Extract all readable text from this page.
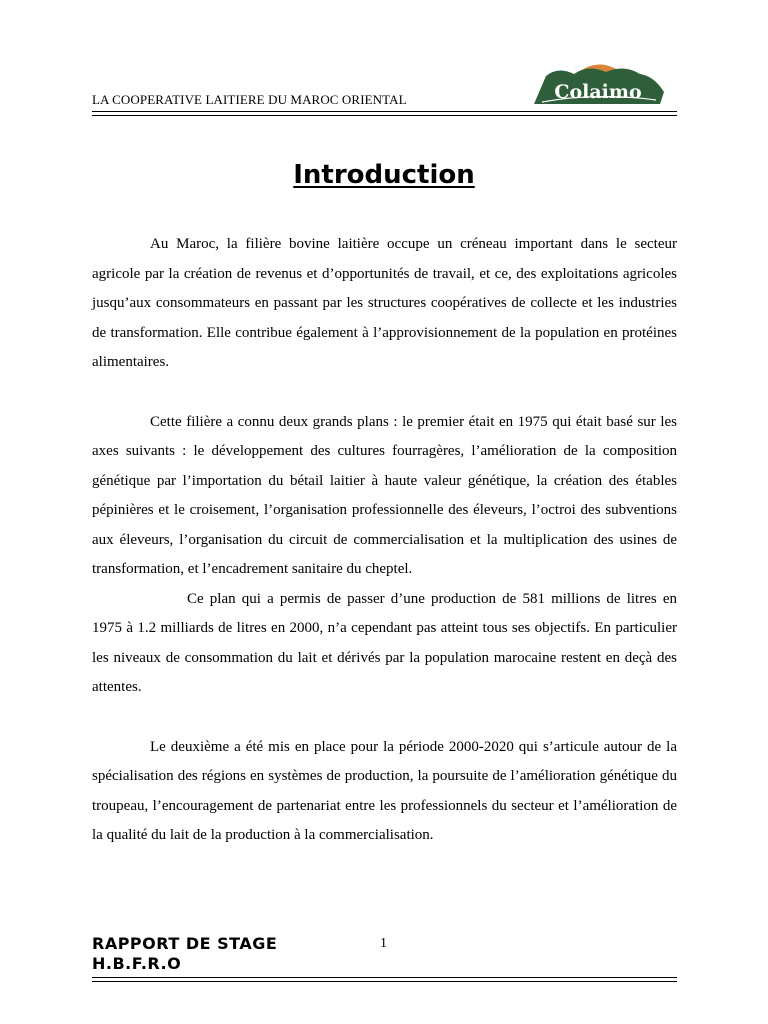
LA COOPERATIVE LAITIERE DU MAROC ORIENTAL	Colaimo
Introduction

Au Maroc, la filière bovine laitière occupe un créneau important dans le secteur agricole par la création de revenus et d’opportunités de travail, et ce, des exploitations agricoles jusqu’aux consommateurs en passant par les structures coopératives de collecte et les industries de transformation. Elle contribue également à l’approvisionnement de la population en protéines alimentaires.

Cette filière a connu deux grands plans : le premier était en 1975 qui était basé sur les axes suivants : le développement des cultures fourragères, l’amélioration de la composition génétique par l’importation du bétail laitier à haute valeur génétique, la création des étables pépinières et le croisement, l’organisation professionnelle des éleveurs, l’octroi des subventions aux éleveurs, l’organisation du circuit de commercialisation et la multiplication des usines de transformation, et l’encadrement sanitaire du cheptel.

Ce plan qui a permis de passer d’une production de 581 millions de litres en 1975 à 1.2 milliards de litres en 2000, n’a cependant pas atteint tous ses objectifs. En particulier les niveaux de consommation du lait et dérivés par la population marocaine restent en deçà des attentes.

Le deuxième a été mis en place pour la période 2000-2020 qui s’articule autour de la spécialisation des régions en systèmes de production, la poursuite de l’amélioration génétique du troupeau, l’encouragement de partenariat entre les professionnels du secteur et l’amélioration de la qualité du lait de la production à la commercialisation.

RAPPORT DE STAGE
H.B.F.R.O
1
